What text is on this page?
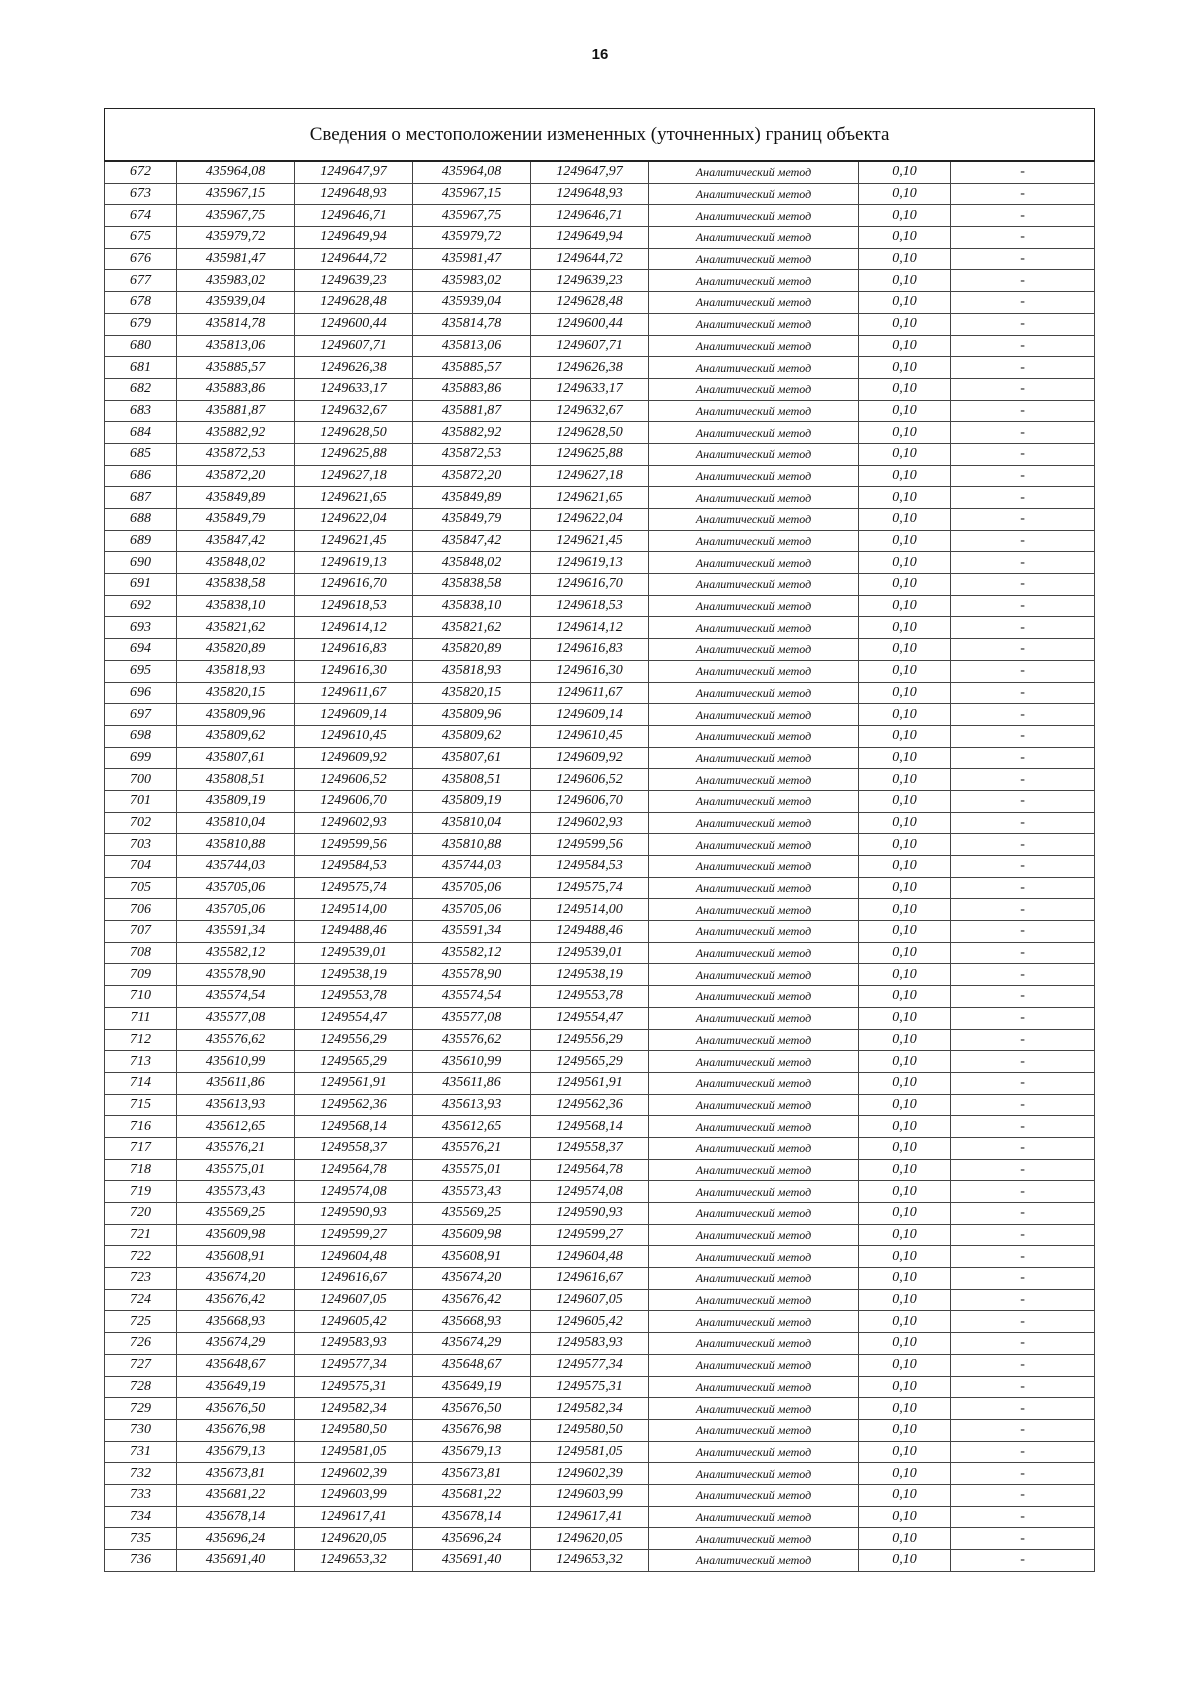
16
Сведения о местоположении измененных (уточненных) границ объекта							
672	435964,08	1249647,97	435964,08	1249647,97	Аналитический метод	0,10	-
673	435967,15	1249648,93	435967,15	1249648,93	Аналитический метод	0,10	-
674	435967,75	1249646,71	435967,75	1249646,71	Аналитический метод	0,10	-
675	435979,72	1249649,94	435979,72	1249649,94	Аналитический метод	0,10	-
676	435981,47	1249644,72	435981,47	1249644,72	Аналитический метод	0,10	-
677	435983,02	1249639,23	435983,02	1249639,23	Аналитический метод	0,10	-
678	435939,04	1249628,48	435939,04	1249628,48	Аналитический метод	0,10	-
679	435814,78	1249600,44	435814,78	1249600,44	Аналитический метод	0,10	-
680	435813,06	1249607,71	435813,06	1249607,71	Аналитический метод	0,10	-
681	435885,57	1249626,38	435885,57	1249626,38	Аналитический метод	0,10	-
682	435883,86	1249633,17	435883,86	1249633,17	Аналитический метод	0,10	-
683	435881,87	1249632,67	435881,87	1249632,67	Аналитический метод	0,10	-
684	435882,92	1249628,50	435882,92	1249628,50	Аналитический метод	0,10	-
685	435872,53	1249625,88	435872,53	1249625,88	Аналитический метод	0,10	-
686	435872,20	1249627,18	435872,20	1249627,18	Аналитический метод	0,10	-
687	435849,89	1249621,65	435849,89	1249621,65	Аналитический метод	0,10	-
688	435849,79	1249622,04	435849,79	1249622,04	Аналитический метод	0,10	-
689	435847,42	1249621,45	435847,42	1249621,45	Аналитический метод	0,10	-
690	435848,02	1249619,13	435848,02	1249619,13	Аналитический метод	0,10	-
691	435838,58	1249616,70	435838,58	1249616,70	Аналитический метод	0,10	-
692	435838,10	1249618,53	435838,10	1249618,53	Аналитический метод	0,10	-
693	435821,62	1249614,12	435821,62	1249614,12	Аналитический метод	0,10	-
694	435820,89	1249616,83	435820,89	1249616,83	Аналитический метод	0,10	-
695	435818,93	1249616,30	435818,93	1249616,30	Аналитический метод	0,10	-
696	435820,15	1249611,67	435820,15	1249611,67	Аналитический метод	0,10	-
697	435809,96	1249609,14	435809,96	1249609,14	Аналитический метод	0,10	-
698	435809,62	1249610,45	435809,62	1249610,45	Аналитический метод	0,10	-
699	435807,61	1249609,92	435807,61	1249609,92	Аналитический метод	0,10	-
700	435808,51	1249606,52	435808,51	1249606,52	Аналитический метод	0,10	-
701	435809,19	1249606,70	435809,19	1249606,70	Аналитический метод	0,10	-
702	435810,04	1249602,93	435810,04	1249602,93	Аналитический метод	0,10	-
703	435810,88	1249599,56	435810,88	1249599,56	Аналитический метод	0,10	-
704	435744,03	1249584,53	435744,03	1249584,53	Аналитический метод	0,10	-
705	435705,06	1249575,74	435705,06	1249575,74	Аналитический метод	0,10	-
706	435705,06	1249514,00	435705,06	1249514,00	Аналитический метод	0,10	-
707	435591,34	1249488,46	435591,34	1249488,46	Аналитический метод	0,10	-
708	435582,12	1249539,01	435582,12	1249539,01	Аналитический метод	0,10	-
709	435578,90	1249538,19	435578,90	1249538,19	Аналитический метод	0,10	-
710	435574,54	1249553,78	435574,54	1249553,78	Аналитический метод	0,10	-
711	435577,08	1249554,47	435577,08	1249554,47	Аналитический метод	0,10	-
712	435576,62	1249556,29	435576,62	1249556,29	Аналитический метод	0,10	-
713	435610,99	1249565,29	435610,99	1249565,29	Аналитический метод	0,10	-
714	435611,86	1249561,91	435611,86	1249561,91	Аналитический метод	0,10	-
715	435613,93	1249562,36	435613,93	1249562,36	Аналитический метод	0,10	-
716	435612,65	1249568,14	435612,65	1249568,14	Аналитический метод	0,10	-
717	435576,21	1249558,37	435576,21	1249558,37	Аналитический метод	0,10	-
718	435575,01	1249564,78	435575,01	1249564,78	Аналитический метод	0,10	-
719	435573,43	1249574,08	435573,43	1249574,08	Аналитический метод	0,10	-
720	435569,25	1249590,93	435569,25	1249590,93	Аналитический метод	0,10	-
721	435609,98	1249599,27	435609,98	1249599,27	Аналитический метод	0,10	-
722	435608,91	1249604,48	435608,91	1249604,48	Аналитический метод	0,10	-
723	435674,20	1249616,67	435674,20	1249616,67	Аналитический метод	0,10	-
724	435676,42	1249607,05	435676,42	1249607,05	Аналитический метод	0,10	-
725	435668,93	1249605,42	435668,93	1249605,42	Аналитический метод	0,10	-
726	435674,29	1249583,93	435674,29	1249583,93	Аналитический метод	0,10	-
727	435648,67	1249577,34	435648,67	1249577,34	Аналитический метод	0,10	-
728	435649,19	1249575,31	435649,19	1249575,31	Аналитический метод	0,10	-
729	435676,50	1249582,34	435676,50	1249582,34	Аналитический метод	0,10	-
730	435676,98	1249580,50	435676,98	1249580,50	Аналитический метод	0,10	-
731	435679,13	1249581,05	435679,13	1249581,05	Аналитический метод	0,10	-
732	435673,81	1249602,39	435673,81	1249602,39	Аналитический метод	0,10	-
733	435681,22	1249603,99	435681,22	1249603,99	Аналитический метод	0,10	-
734	435678,14	1249617,41	435678,14	1249617,41	Аналитический метод	0,10	-
735	435696,24	1249620,05	435696,24	1249620,05	Аналитический метод	0,10	-
736	435691,40	1249653,32	435691,40	1249653,32	Аналитический метод	0,10	-
